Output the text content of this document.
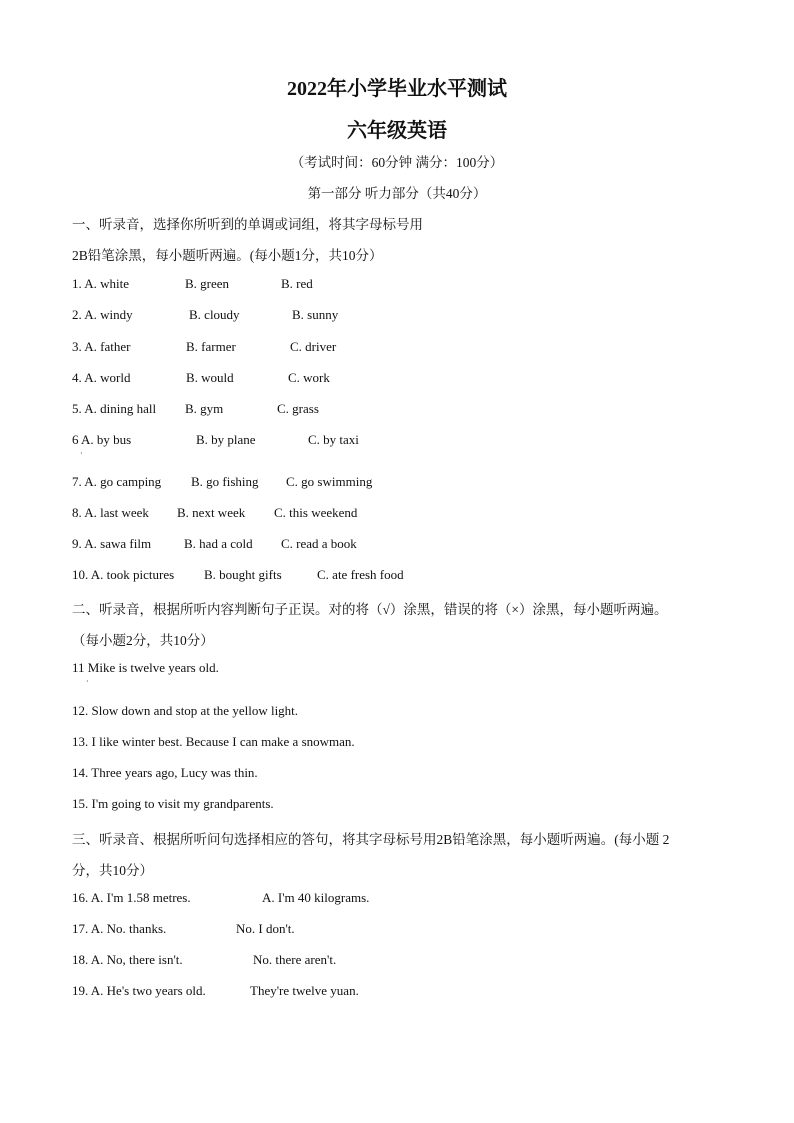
2022年小学毕业水平测试
六年级英语
（考试时间：60分钟 满分：100分）
第一部分 听力部分（共40分）
一、听录音，选择你所听到的单调或词组，将其字母标号用
2B铅笔涂黑，每小题听两遍。(每小题1分，共10分）
1. A. white	B. green	B. red
2. A. windy	B. cloudy	B. sunny
3. A. father	B. farmer	C. driver
4. A. world	B. would	C. work
5. A. dining hall B. gym	C. grass
6 A. by bus	B. by plane	C. by taxi
·
7. A. go camping B. go fishing C. go swimming
8. A. last week B. next week C. this weekend
9. A. sawa film	B. had a cold C. read a book
10. A. took pictures B. bought gifts	C. ate fresh food
二、听录音，根据所听内容判断句子正误。对的将（√）涂黑，错误的将（×）涂黑，每小题听两遍。
（每小题2分，共10分）
11 Mike is twelve years old.
·
12. Slow down and stop at the yellow light.
13. I like winter best. Because I can make a snowman.
14. Three years ago, Lucy was thin.
15. I'm going to visit my grandparents.
三、听录音、根据所听问句选择相应的答句，将其字母标号用2B铅笔涂黑，每小题听两遍。(每小题 2
分，共10分）
16. A. I'm 1.58 metres.	A. I'm 40 kilograms.
17. A. No. thanks.	No. I don't.
18. A. No, there isn't.	No. there aren't.
19. A. He's two years old.	They're twelve yuan.
